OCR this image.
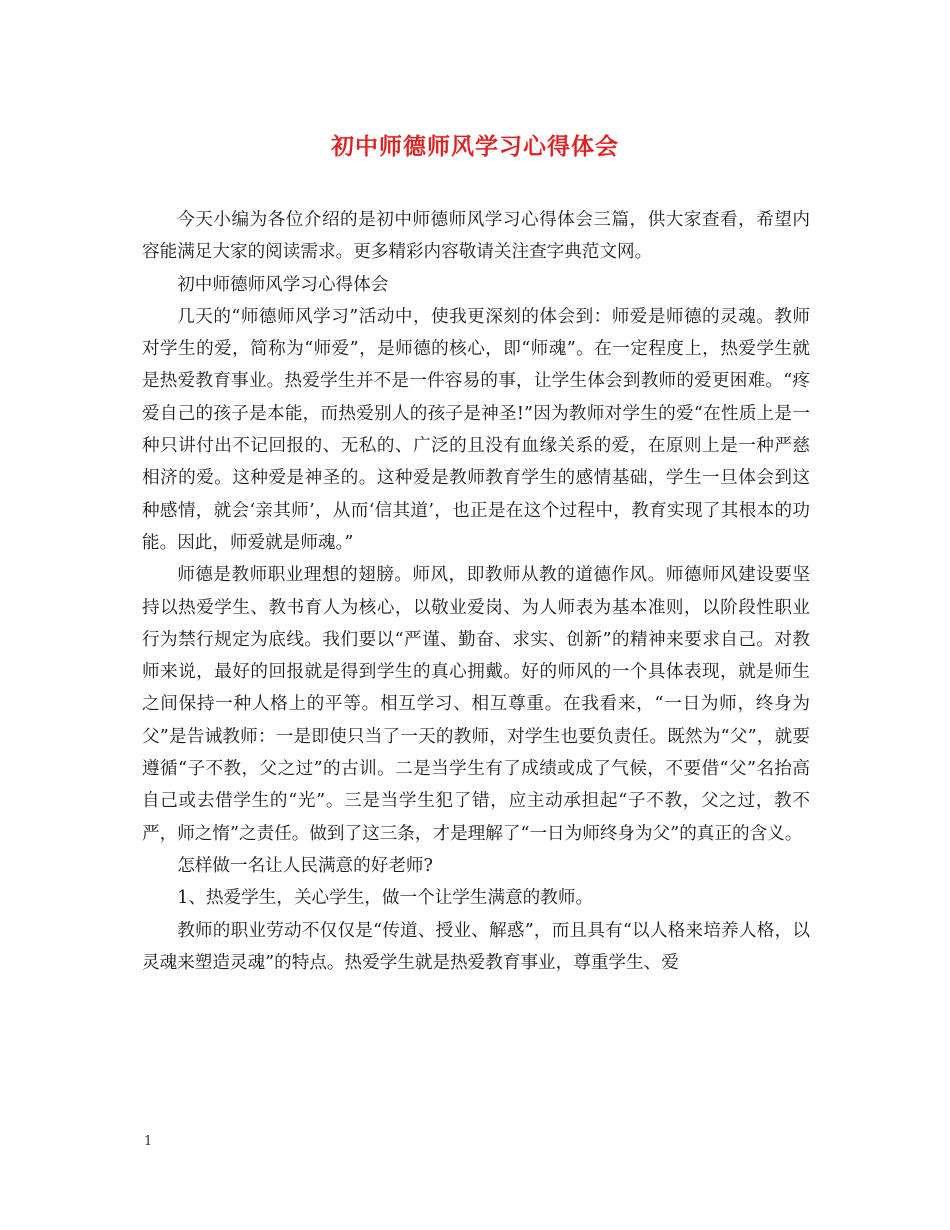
初中师德师风学习心得体会

今天小编为各位介绍的是初中师德师风学习心得体会三篇，供大家查看，希望内容能满足大家的阅读需求。更多精彩内容敬请关注查字典范文网。

初中师德师风学习心得体会

几天的“师德师风学习”活动中，使我更深刻的体会到：师爱是师德的灵魂。教师对学生的爱，简称为“师爱”，是师德的核心，即“师魂”。在一定程度上，热爱学生就是热爱教育事业。热爱学生并不是一件容易的事，让学生体会到教师的爱更困难。“疼爱自己的孩子是本能，而热爱别人的孩子是神圣!”因为教师对学生的爱“在性质上是一种只讲付出不记回报的、无私的、广泛的且没有血缘关系的爱，在原则上是一种严慈相济的爱。这种爱是神圣的。这种爱是教师教育学生的感情基础，学生一旦体会到这种感情，就会‘亲其师’，从而‘信其道’，也正是在这个过程中，教育实现了其根本的功能。因此，师爱就是师魂。”

师德是教师职业理想的翅膀。师风，即教师从教的道德作风。师德师风建设要坚持以热爱学生、教书育人为核心，以敬业爱岗、为人师表为基本准则，以阶段性职业行为禁行规定为底线。我们要以“严谨、勤奋、求实、创新”的精神来要求自己。对教师来说，最好的回报就是得到学生的真心拥戴。好的师风的一个具体表现，就是师生之间保持一种人格上的平等。相互学习、相互尊重。在我看来，“一日为师，终身为父”是告诫教师：一是即使只当了一天的教师，对学生也要负责任。既然为“父”，就要遵循“子不教，父之过”的古训。二是当学生有了成绩或成了气候，不要借“父”名抬高自己或去借学生的“光”。三是当学生犯了错，应主动承担起“子不教，父之过，教不严，师之惰”之责任。做到了这三条，才是理解了“一日为师终身为父”的真正的含义。

怎样做一名让人民满意的好老师?

1、热爱学生，关心学生，做一个让学生满意的教师。

教师的职业劳动不仅仅是“传道、授业、解惑”，而且具有“以人格来培养人格，以灵魂来塑造灵魂”的特点。热爱学生就是热爱教育事业，尊重学生、爱

1
